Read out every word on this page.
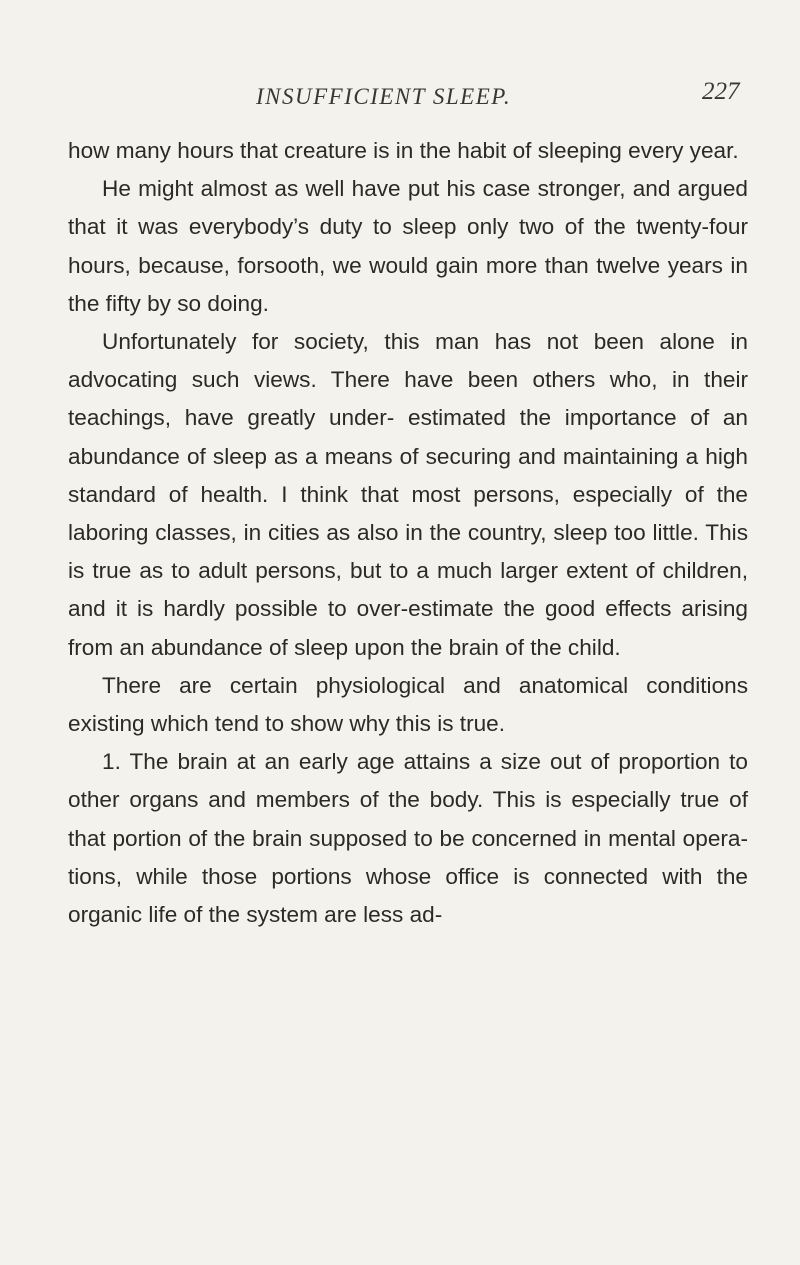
INSUFFICIENT SLEEP.	227

how many hours that creature is in the habit of sleeping every year.

He might almost as well have put his case stronger, and argued that it was everybody’s duty to sleep only two of the twenty-four hours, because, forsooth, we would gain more than twelve years in the fifty by so doing.

Unfortunately for society, this man has not been alone in advocating such views. There have been others who, in their teachings, have greatly under- estimated the importance of an abundance of sleep as a means of securing and maintaining a high standard of health. I think that most persons, especially of the laboring classes, in cities as also in the country, sleep too little. This is true as to adult persons, but to a much larger extent of children, and it is hardly possible to over-estimate the good effects arising from an abundance of sleep upon the brain of the child.

There are certain physiological and anatomical conditions existing which tend to show why this is true.

1. The brain at an early age attains a size out of proportion to other organs and members of the body. This is especially true of that portion of the brain supposed to be concerned in mental opera- tions, while those portions whose office is connected with the organic life of the system are less ad-
